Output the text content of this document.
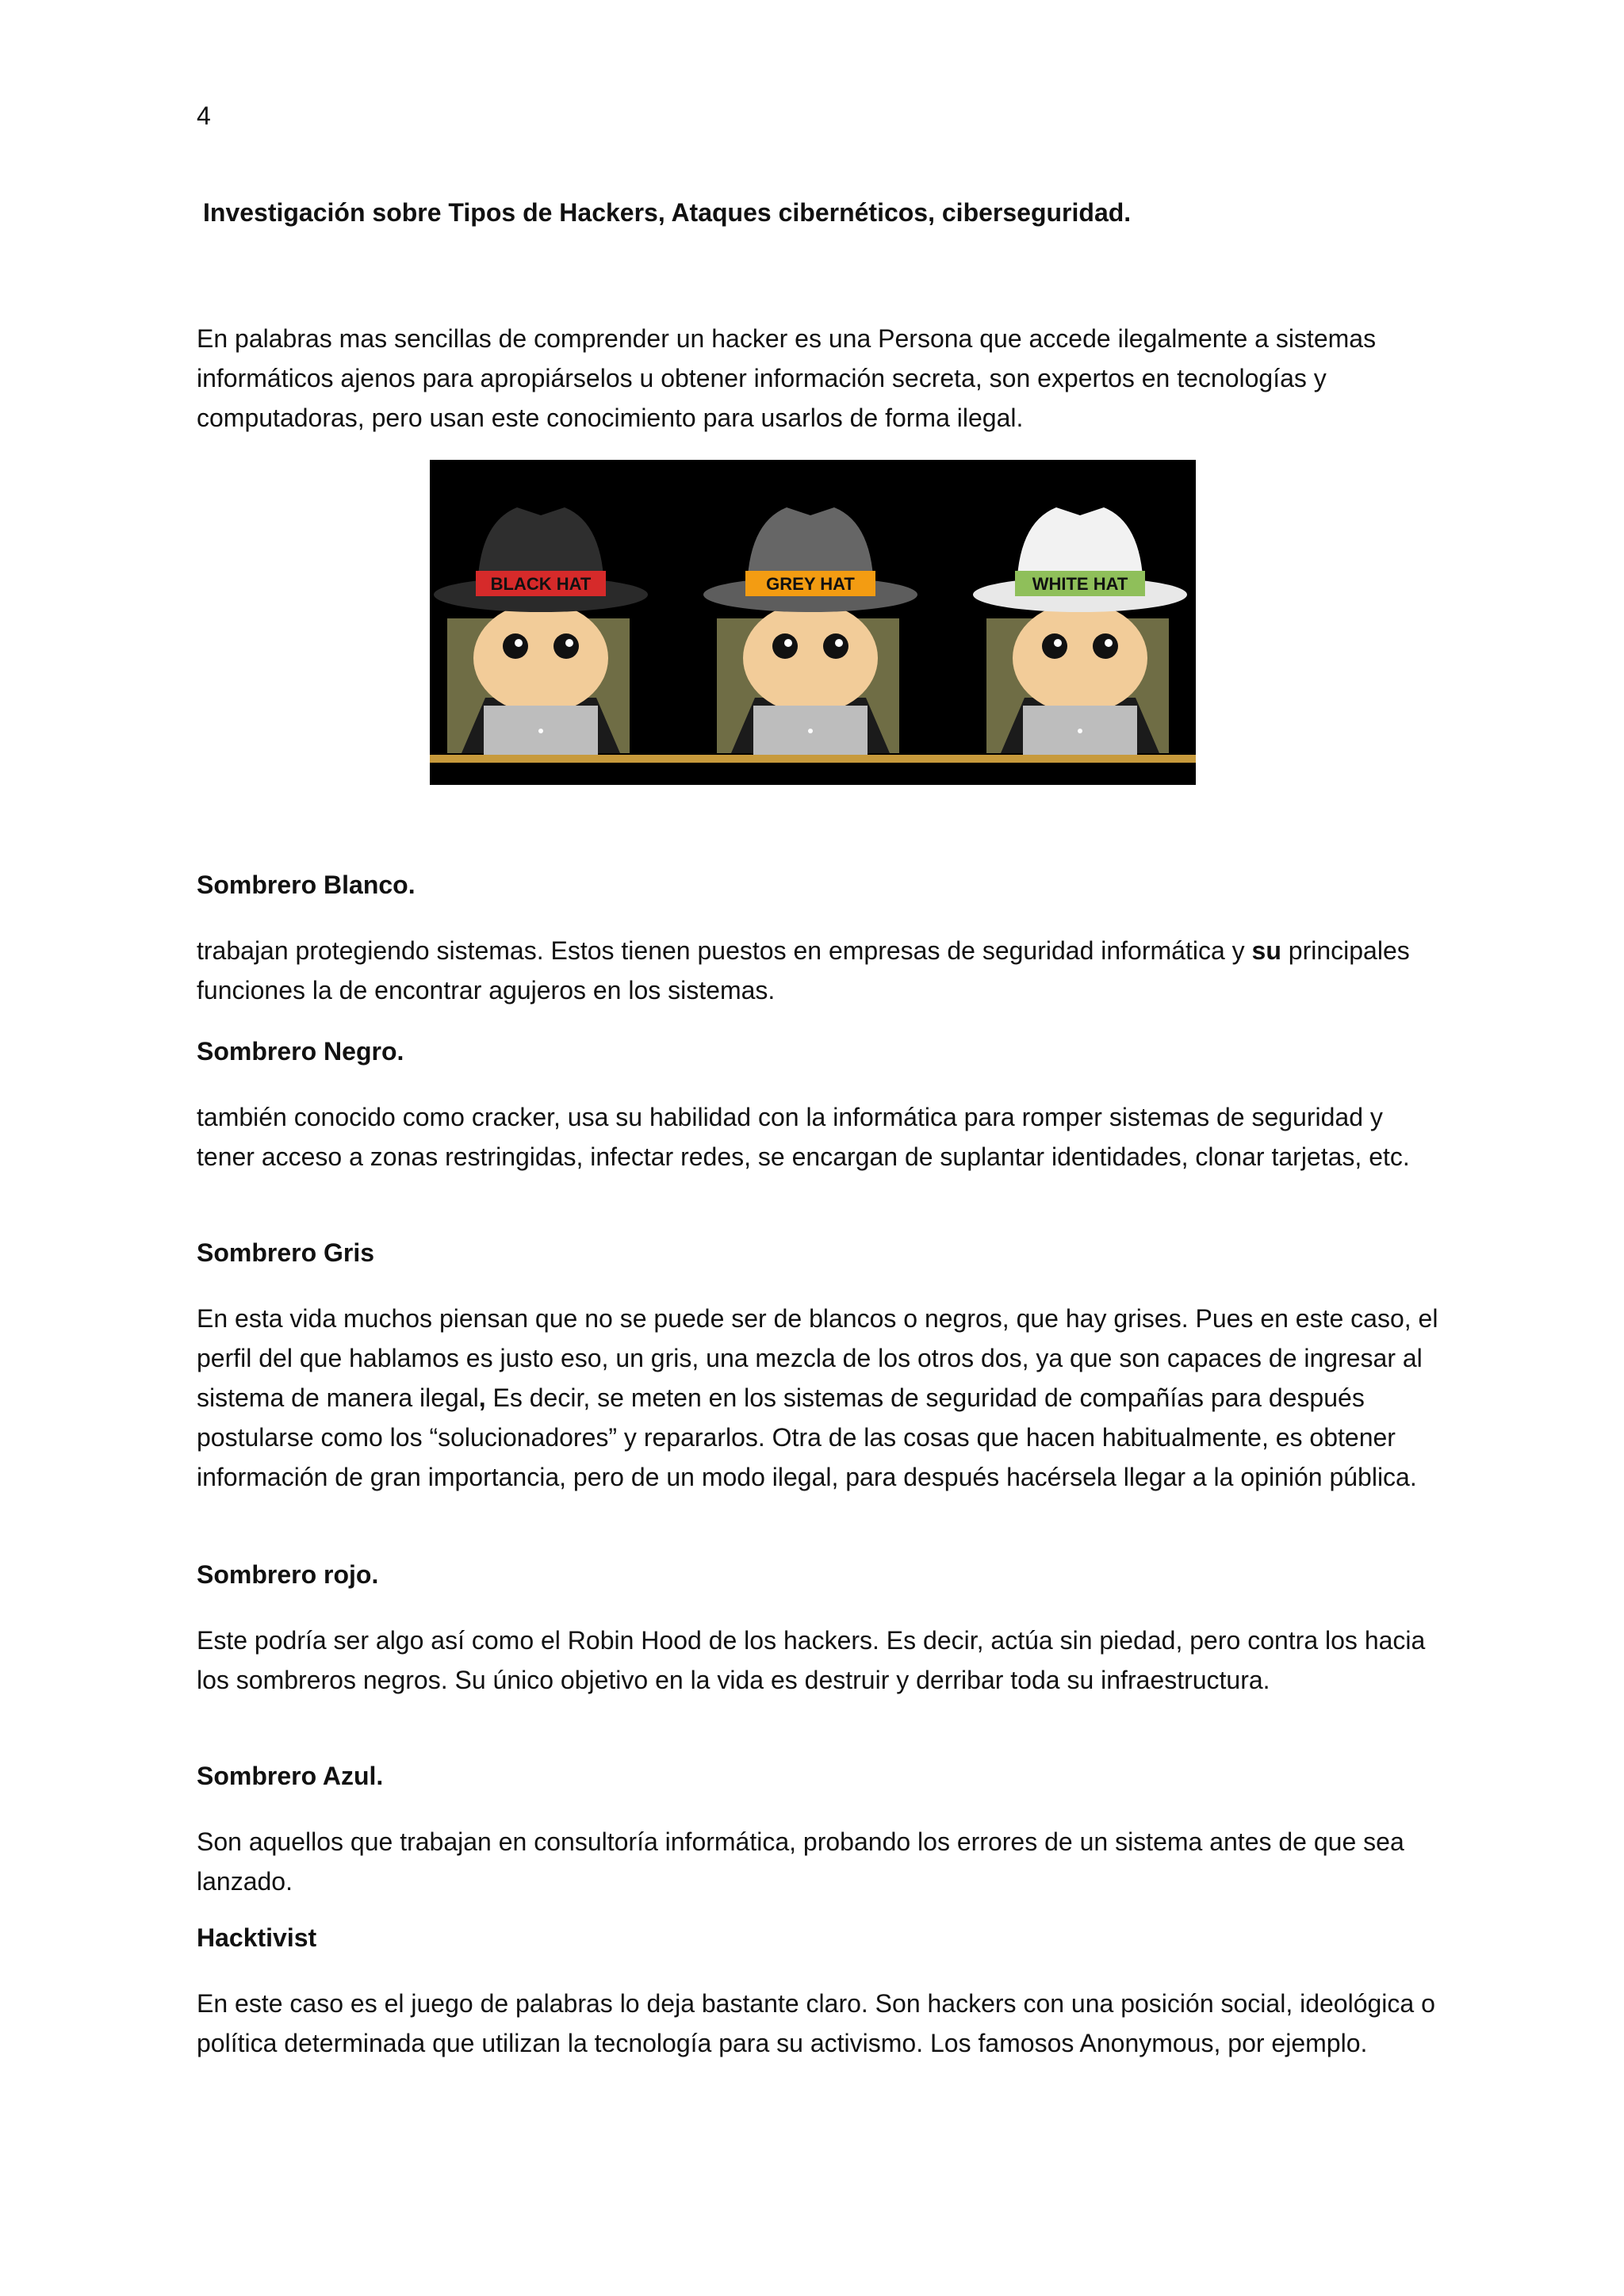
4
Investigación sobre Tipos de Hackers, Ataques cibernéticos, ciberseguridad.
En palabras mas sencillas de comprender un hacker es una Persona que accede ilegalmente a sistemas informáticos ajenos para apropiárselos u obtener información secreta, son expertos en tecnologías y computadoras, pero usan este conocimiento para usarlos de forma ilegal.
BLACK HAT	GREY HAT	WHITE HAT
Sombrero Blanco.
trabajan protegiendo sistemas. Estos tienen puestos en empresas de seguridad informática y su principales funciones la de encontrar agujeros en los sistemas.
Sombrero Negro.
también conocido como cracker, usa su habilidad con la informática para romper sistemas de seguridad y tener acceso a zonas restringidas, infectar redes, se encargan de suplantar identidades, clonar tarjetas, etc.
Sombrero Gris
En esta vida muchos piensan que no se puede ser de blancos o negros, que hay grises. Pues en este caso, el perfil del que hablamos es justo eso, un gris, una mezcla de los otros dos, ya que son capaces de ingresar al sistema de manera ilegal, Es decir, se meten en los sistemas de seguridad de compañías para después postularse como los “solucionadores” y repararlos. Otra de las cosas que hacen habitualmente, es obtener información de gran importancia, pero de un modo ilegal, para después hacérsela llegar a la opinión pública.
Sombrero rojo.
Este podría ser algo así como el Robin Hood de los hackers. Es decir, actúa sin piedad, pero contra los hacia los sombreros negros. Su único objetivo en la vida es destruir y derribar toda su infraestructura.
Sombrero Azul.
Son aquellos que trabajan en consultoría informática, probando los errores de un sistema antes de que sea lanzado.
Hacktivist
En este caso es el juego de palabras lo deja bastante claro. Son hackers con una posición social, ideológica o política determinada que utilizan la tecnología para su activismo. Los famosos Anonymous, por ejemplo.
